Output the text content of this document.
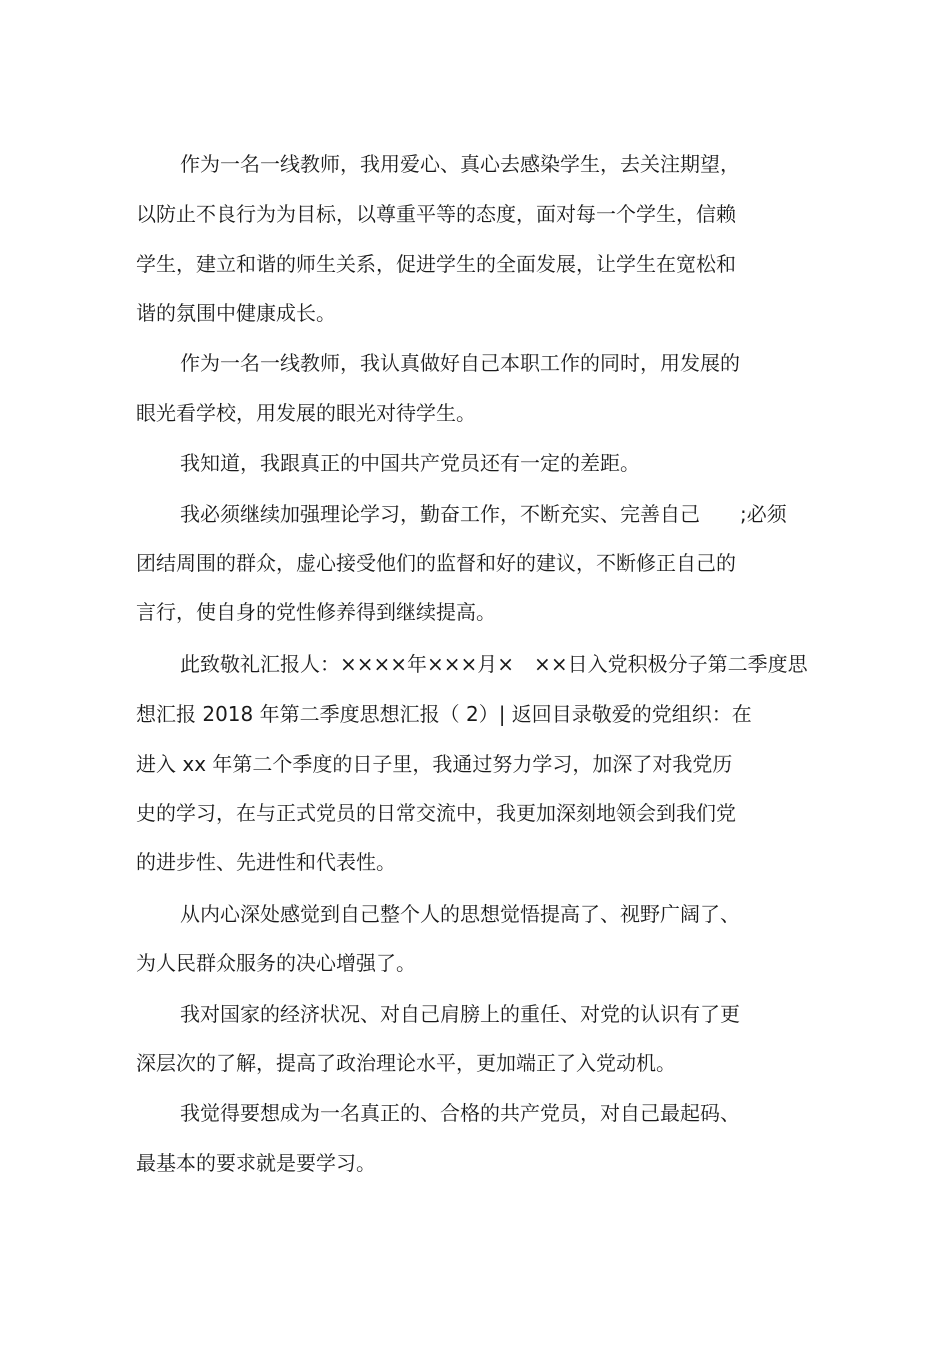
作为一名一线教师，我用爱心、真心去感染学生，去关注期望，
以防止不良行为为目标，以尊重平等的态度，面对每一个学生，信赖
学生，建立和谐的师生关系，促进学生的全面发展，让学生在宽松和
谐的氛围中健康成长。
作为一名一线教师，我认真做好自己本职工作的同时，用发展的
眼光看学校，用发展的眼光对待学生。
我知道，我跟真正的中国共产党员还有一定的差距。
我必须继续加强理论学习，勤奋工作，不断充实、完善自己　　;必须
团结周围的群众，虚心接受他们的监督和好的建议，不断修正自己的
言行，使自身的党性修养得到继续提高。
此致敬礼汇报人：××××年×××月×　××日入党积极分子第二季度思
想汇报 2018 年第二季度思想汇报（ 2）| 返回目录敬爱的党组织：在
进入 xx 年第二个季度的日子里，我通过努力学习，加深了对我党历
史的学习，在与正式党员的日常交流中，我更加深刻地领会到我们党
的进步性、先进性和代表性。
从内心深处感觉到自己整个人的思想觉悟提高了、视野广阔了、
为人民群众服务的决心增强了。
我对国家的经济状况、对自己肩膀上的重任、对党的认识有了更
深层次的了解，提高了政治理论水平，更加端正了入党动机。
我觉得要想成为一名真正的、合格的共产党员，对自己最起码、
最基本的要求就是要学习。
